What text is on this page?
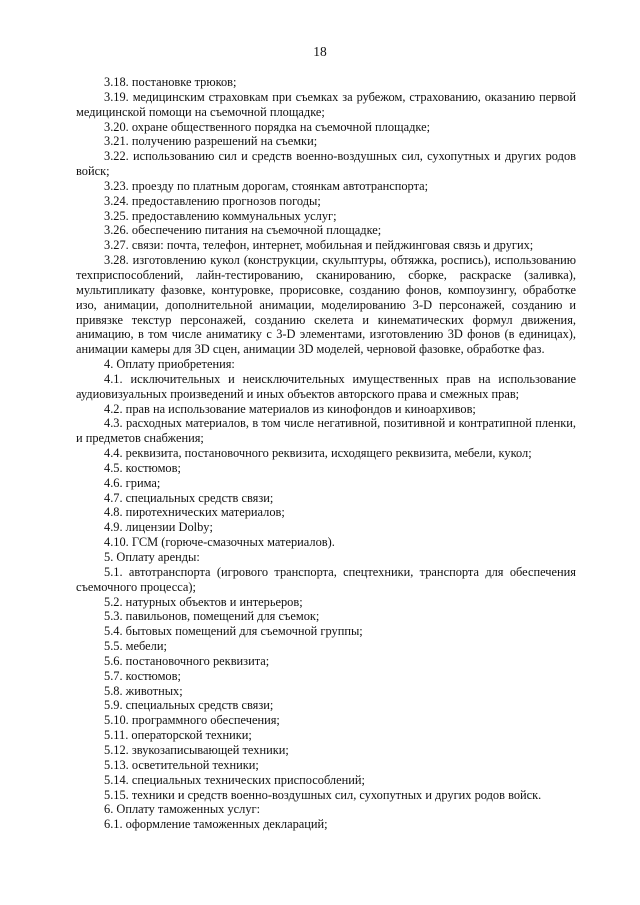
18

3.18. постановке трюков;

3.19. медицинским страховкам при съемках за рубежом, страхованию, оказанию первой медицинской помощи на съемочной площадке;

3.20. охране общественного порядка на съемочной площадке;

3.21. получению разрешений на съемки;

3.22. использованию сил и средств военно-воздушных сил, сухопутных и других родов войск;

3.23. проезду по платным дорогам, стоянкам автотранспорта;

3.24. предоставлению прогнозов погоды;

3.25. предоставлению коммунальных услуг;

3.26. обеспечению питания на съемочной площадке;

3.27. связи: почта, телефон, интернет, мобильная и пейджинговая связь и других;

3.28. изготовлению кукол (конструкции, скульптуры, обтяжка, роспись), использованию техприспособлений, лайн-тестированию, сканированию, сборке, раскраске (заливка), мультипликату фазовке, контуровке, прорисовке, созданию фонов, компоузингу, обработке изо, анимации, дополнительной анимации, моделированию 3-D персонажей, созданию и привязке текстур персонажей, созданию скелета и кинематических формул движения, анимацию, в том числе аниматику с 3-D элементами, изготовлению 3D фонов (в единицах), анимации камеры для 3D сцен, анимации 3D моделей, черновой фазовке, обработке фаз.

4. Оплату приобретения:

4.1. исключительных и неисключительных имущественных прав на использование аудиовизуальных произведений и иных объектов авторского права и смежных прав;

4.2. прав на использование материалов из кинофондов и киноархивов;

4.3. расходных материалов, в том числе негативной, позитивной и контратипной пленки, и предметов снабжения;

4.4. реквизита, постановочного реквизита, исходящего реквизита, мебели, кукол;

4.5. костюмов;

4.6. грима;

4.7. специальных средств связи;

4.8. пиротехнических материалов;

4.9. лицензии Dolby;

4.10. ГСМ (горюче-смазочных материалов).

5. Оплату аренды:

5.1. автотранспорта (игрового транспорта, спецтехники, транспорта для обеспечения съемочного процесса);

5.2. натурных объектов и интерьеров;

5.3. павильонов, помещений для съемок;

5.4. бытовых помещений для съемочной группы;

5.5. мебели;

5.6. постановочного реквизита;

5.7. костюмов;

5.8. животных;

5.9. специальных средств связи;

5.10. программного обеспечения;

5.11. операторской техники;

5.12. звукозаписывающей техники;

5.13. осветительной техники;

5.14. специальных технических приспособлений;

5.15. техники и средств военно-воздушных сил, сухопутных и других родов войск.

6. Оплату таможенных услуг:

6.1. оформление таможенных деклараций;
